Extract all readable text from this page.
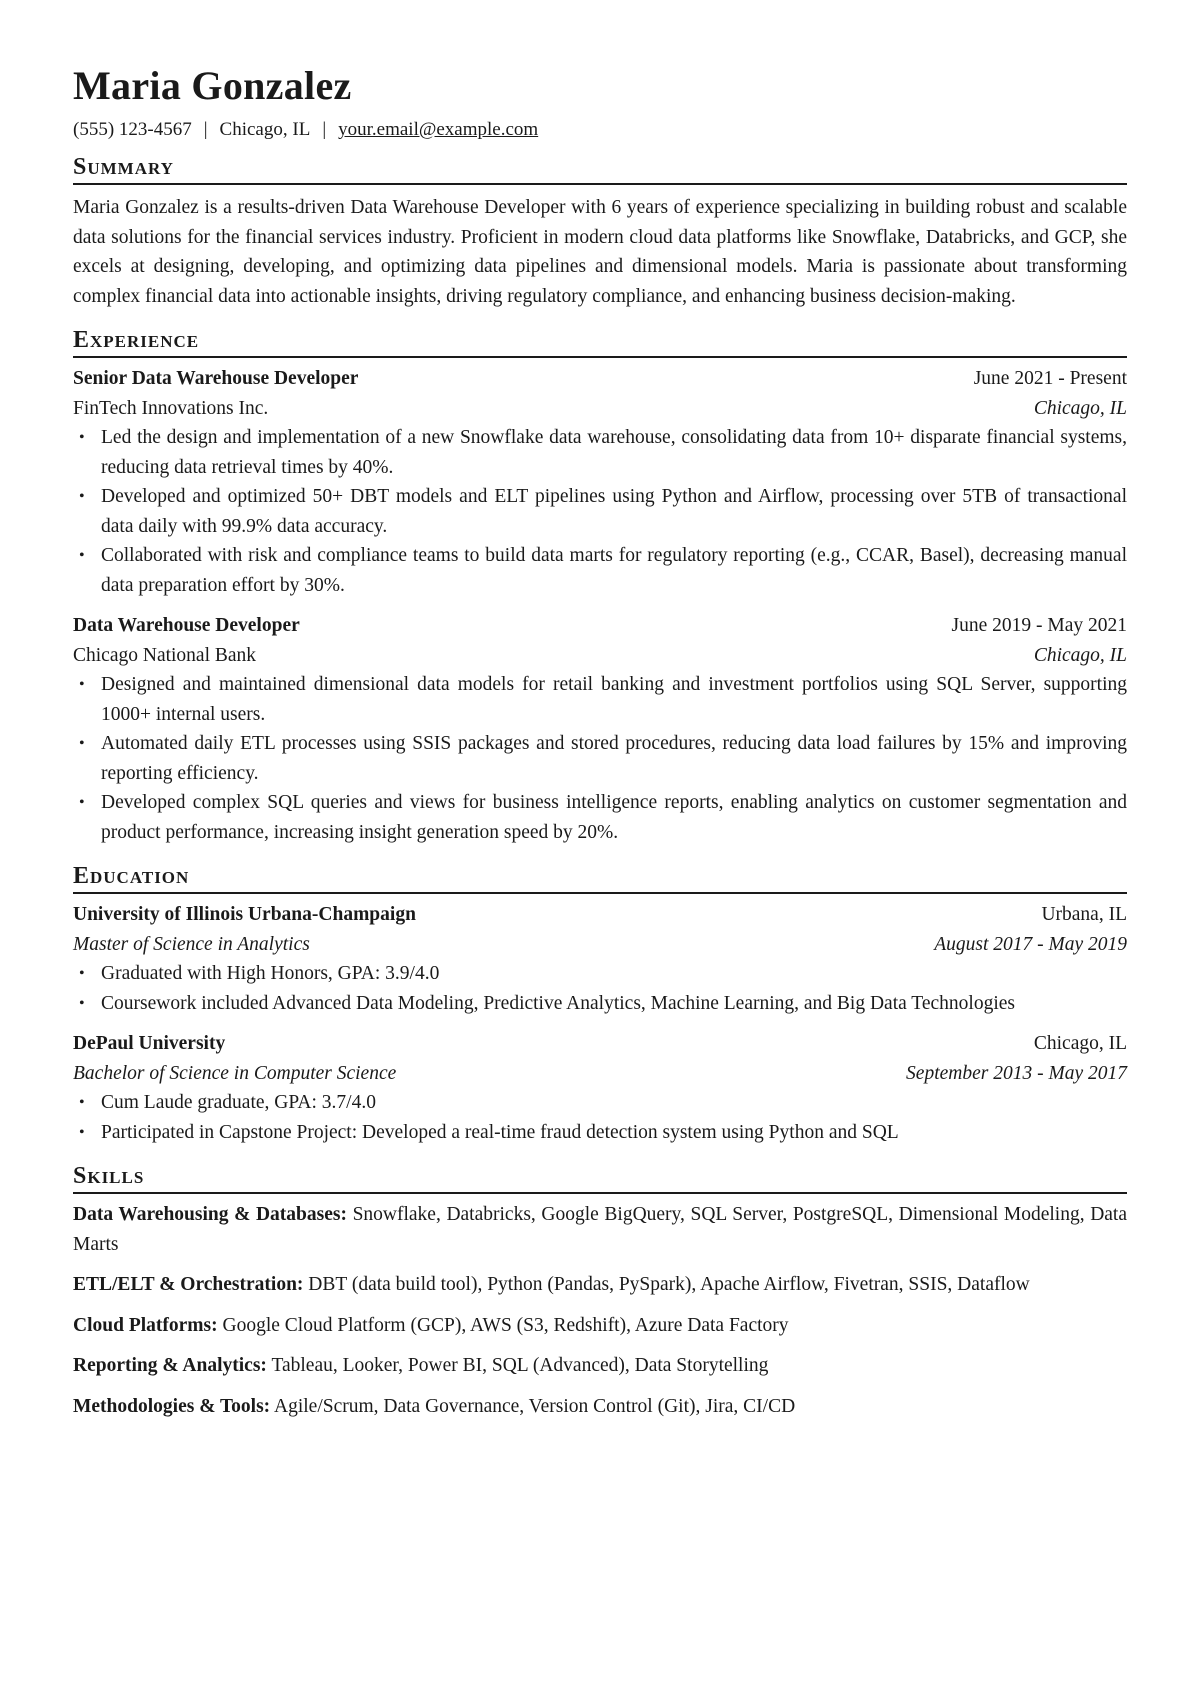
Maria Gonzalez
(555) 123-4567 | Chicago, IL | your.email@example.com
Summary
Maria Gonzalez is a results-driven Data Warehouse Developer with 6 years of experience specializing in building robust and scalable data solutions for the financial services industry. Proficient in modern cloud data platforms like Snowflake, Databricks, and GCP, she excels at designing, developing, and optimizing data pipelines and dimensional models. Maria is passionate about transforming complex financial data into actionable insights, driving regulatory compliance, and enhancing business decision-making.
Experience
Senior Data Warehouse Developer	June 2021 - Present
FinTech Innovations Inc.	Chicago, IL
• Led the design and implementation of a new Snowflake data warehouse, consolidating data from 10+ disparate financial systems, reducing data retrieval times by 40%.
• Developed and optimized 50+ DBT models and ELT pipelines using Python and Airflow, processing over 5TB of transactional data daily with 99.9% data accuracy.
• Collaborated with risk and compliance teams to build data marts for regulatory reporting (e.g., CCAR, Basel), decreasing manual data preparation effort by 30%.
Data Warehouse Developer	June 2019 - May 2021
Chicago National Bank	Chicago, IL
• Designed and maintained dimensional data models for retail banking and investment portfolios using SQL Server, supporting 1000+ internal users.
• Automated daily ETL processes using SSIS packages and stored procedures, reducing data load failures by 15% and improving reporting efficiency.
• Developed complex SQL queries and views for business intelligence reports, enabling analytics on customer segmentation and product performance, increasing insight generation speed by 20%.
Education
University of Illinois Urbana-Champaign	Urbana, IL
Master of Science in Analytics	August 2017 - May 2019
• Graduated with High Honors, GPA: 3.9/4.0
• Coursework included Advanced Data Modeling, Predictive Analytics, Machine Learning, and Big Data Technologies
DePaul University	Chicago, IL
Bachelor of Science in Computer Science	September 2013 - May 2017
• Cum Laude graduate, GPA: 3.7/4.0
• Participated in Capstone Project: Developed a real-time fraud detection system using Python and SQL
Skills
Data Warehousing & Databases: Snowflake, Databricks, Google BigQuery, SQL Server, PostgreSQL, Dimensional Modeling, Data Marts
ETL/ELT & Orchestration: DBT (data build tool), Python (Pandas, PySpark), Apache Airflow, Fivetran, SSIS, Dataflow
Cloud Platforms: Google Cloud Platform (GCP), AWS (S3, Redshift), Azure Data Factory
Reporting & Analytics: Tableau, Looker, Power BI, SQL (Advanced), Data Storytelling
Methodologies & Tools: Agile/Scrum, Data Governance, Version Control (Git), Jira, CI/CD
